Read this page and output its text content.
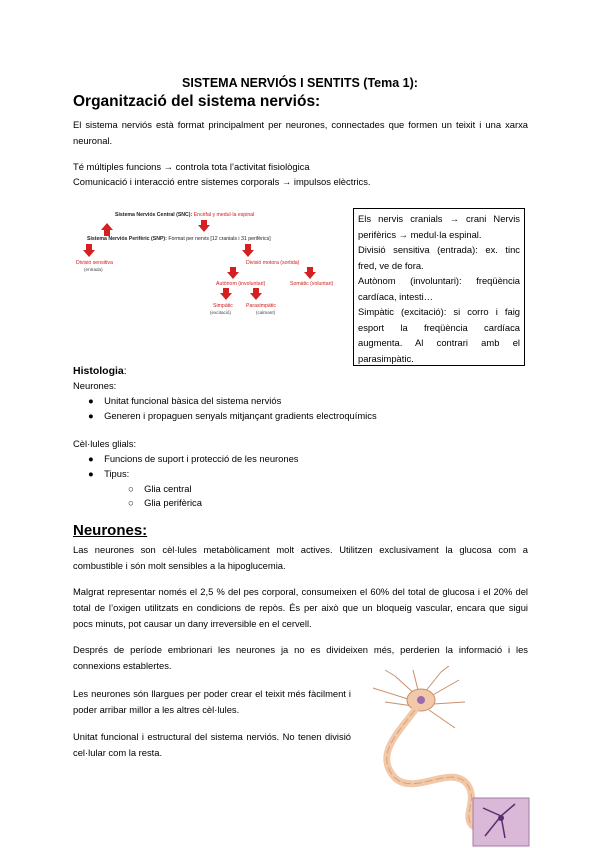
SISTEMA NERVIÓS I SENTITS (Tema 1):
Organització del sistema nerviós:
El sistema nerviós està format principalment per neurones, connectades que formen un teixit i una xarxa neuronal.
Té múltiples funcions → controla tota l’activitat fisiològica
Comunicació i interacció entre sistemes corporals → impulsos elèctrics.
Sistema Nerviós Central (SNC): Encèfal y medul·la espinal
Sistema Nerviós Perifèric (SNP): Format per nervis [12 cranials i 31 perifèrics]
Divisió sensitiva
(entrada)
Divisió motora (sortida)
Autònom (involuntari)	Somàtic (voluntari)
Simpàtic
(excitació)
Parasimpàtic
(calmant)
Els nervis cranials → crani Nervis perifèrics → medul·la espinal.
Divisió sensitiva (entrada): ex. tinc fred, ve de fora.
Autònom (involuntari): freqüència cardíaca, intesti…
Simpàtic (excitació): si corro i faig esport la freqüència cardíaca augmenta. Al contrari amb el parasimpàtic.
Histologia:
Neurones:
●    Unitat funcional bàsica del sistema nerviós
●    Generen i propaguen senyals mitjançant gradients electroquímics
Cèl·lules glials:
●    Funcions de suport i protecció de les neurones
●    Tipus:
○    Glia central
○    Glia perifèrica
Neurones:
Las neurones son cèl·lules metabòlicament molt actives. Utilitzen exclusivament la glucosa com a combustible i són molt sensibles a la hipoglucemia.
Malgrat representar només el 2,5 % del pes corporal, consumeixen el 60% del total de glucosa i el 20% del total de l’oxigen utilitzats en condicions de repòs. És per això que un bloqueig vascular, encara que sigui pocs minuts, pot causar un dany irreversible en el cervell.
Després de període embrionari les neurones ja no es divideixen més, perderien la informació i les connexions establertes.
Les neurones són llargues per poder crear el teixit més fàcilment i poder arribar millor a les altres cèl·lules.
Unitat funcional i estructural del sistema nerviós. No tenen divisió cel·lular com la resta.
